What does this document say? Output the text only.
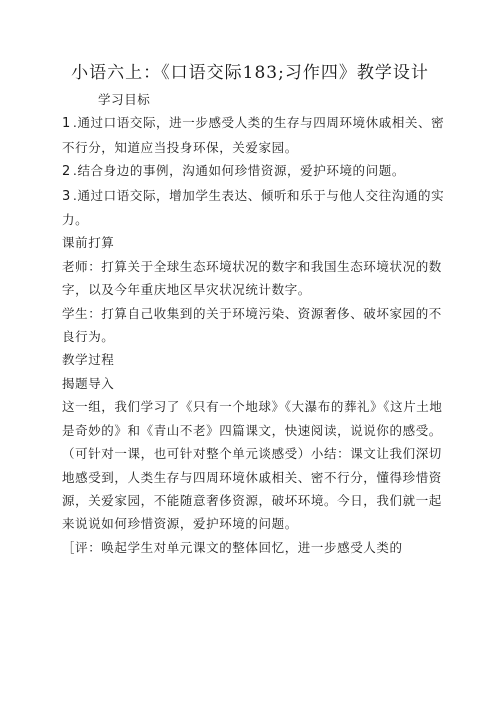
小语六上：《口语交际183;习作四》教学设计

学习目标

1 .通过口语交际，进一步感受人类的生存与四周环境休戚相关、密不行分，知道应当投身环保，关爱家园。

2 .结合身边的事例，沟通如何珍惜资源，爱护环境的问题。

3 .通过口语交际，增加学生表达、倾听和乐于与他人交往沟通的实力。

课前打算

老师：打算关于全球生态环境状况的数字和我国生态环境状况的数字，以及今年重庆地区旱灾状况统计数字。

学生：打算自己收集到的关于环境污染、资源奢侈、破坏家园的不良行为。

教学过程

揭题导入

这一组，我们学习了《只有一个地球》《大瀑布的葬礼》《这片土地是奇妙的》和《青山不老》四篇课文，快速阅读，说说你的感受。（可针对一课，也可针对整个单元谈感受）小结：课文让我们深切地感受到，人类生存与四周环境休戚相关、密不行分，懂得珍惜资源，关爱家园，不能随意奢侈资源，破坏环境。今日，我们就一起来说说如何珍惜资源，爱护环境的问题。

［评：唤起学生对单元课文的整体回忆，进一步感受人类的
